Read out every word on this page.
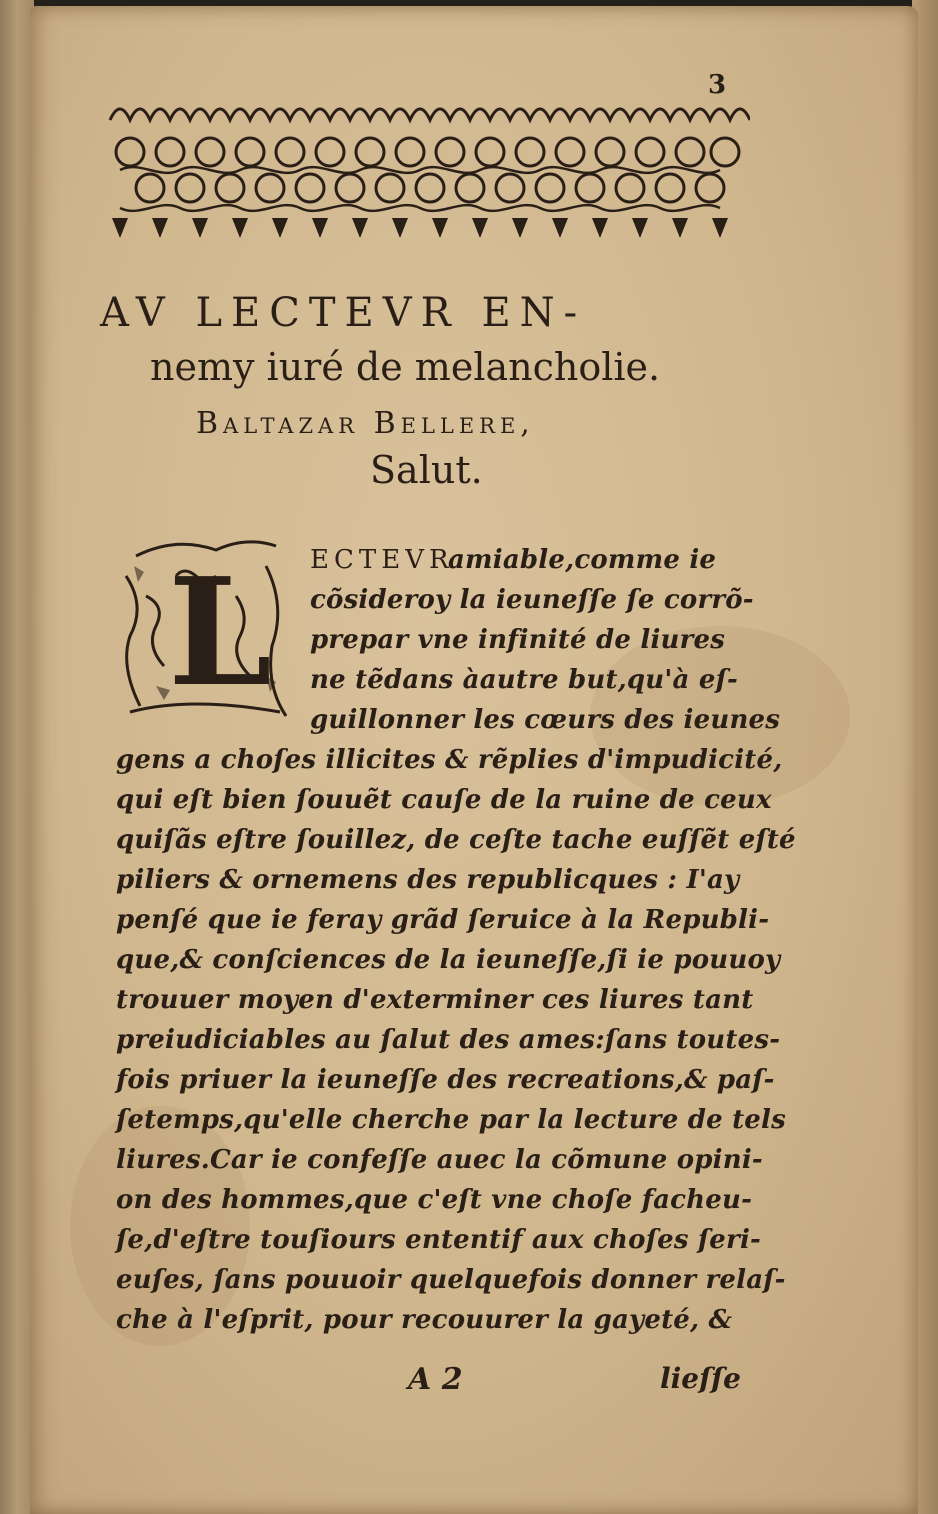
3
AV LECTEVR EN-
nemy iuré de melancholie.
Baltazar Bellere,
Salut.
L ECTEVR
amiable,comme ie
cõsideroy la ieuneſſe ſe corrõ-
prepar vne infinité de liures
ne tẽdans àautre but,qu'à eſ-
guillonner les cœurs des ieunes
gens a choſes illicites & rẽplies d'impudicité,
qui eſt bien ſouuẽt cauſe de la ruine de ceux
quiſãs eſtre ſouillez, de ceſte tache euſſẽt eſté
piliers & ornemens des republicques : I'ay
penſé que ie feray grãd ſeruice à la Republi-
que,& conſciences de la ieuneſſe,ſi ie pouuoy
trouuer moyen d'exterminer ces liures tant
preiudiciables au ſalut des ames:ſans toutes-
fois priuer la ieuneſſe des recreations,& paſ-
ſetemps,qu'elle cherche par la lecture de tels
liures.Car ie confeſſe auec la cõmune opini-
on des hommes,que c'eſt vne choſe facheu-
ſe,d'eſtre touſiours ententif aux choſes ſeri-
euſes, ſans pouuoir quelquefois donner relaſ-
A 2	lieſſe
che à l'eſprit, pour recouurer la gayeté, &
